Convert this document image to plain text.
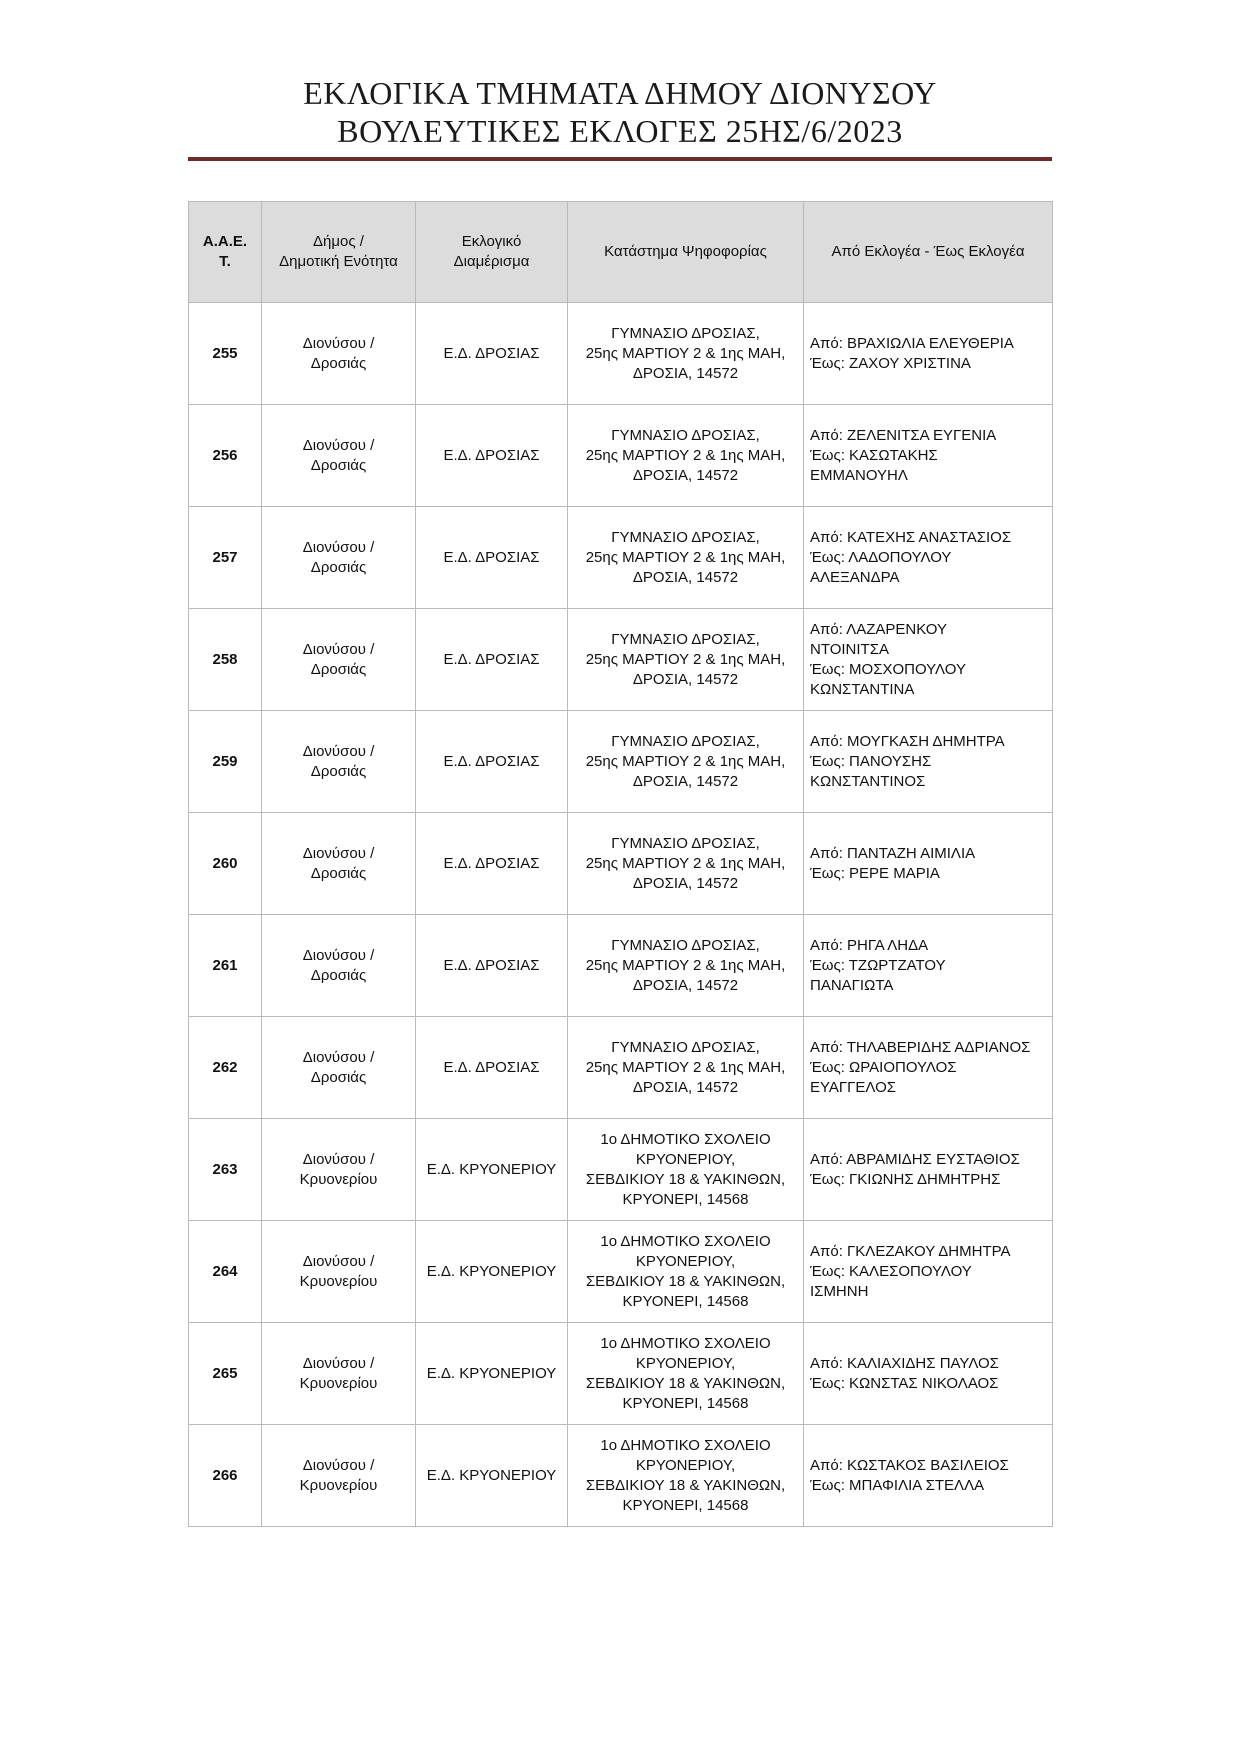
ΕΚΛΟΓΙΚΑ ΤΜΗΜΑΤΑ ΔΗΜΟΥ ΔΙΟΝΥΣΟΥ
ΒΟΥΛΕΥΤΙΚΕΣ ΕΚΛΟΓΕΣ 25ΗΣ/6/2023
Α.Α.Ε.
Τ.	Δήμος /
Δημοτική Ενότητα	Εκλογικό
Διαμέρισμα	Κατάστημα Ψηφοφορίας	Από Εκλογέα - Έως Εκλογέα
255	Διονύσου /
Δροσιάς	Ε.Δ. ΔΡΟΣΙΑΣ	ΓΥΜΝΑΣΙΟ ΔΡΟΣΙΑΣ,
25ης ΜΑΡΤΙΟΥ 2 & 1ης ΜΑΗ,
ΔΡΟΣΙΑ, 14572	Από: ΒΡΑΧΙΩΛΙΑ ΕΛΕΥΘΕΡΙΑ
Έως: ΖΑΧΟΥ ΧΡΙΣΤΙΝΑ
256	Διονύσου /
Δροσιάς	Ε.Δ. ΔΡΟΣΙΑΣ	ΓΥΜΝΑΣΙΟ ΔΡΟΣΙΑΣ,
25ης ΜΑΡΤΙΟΥ 2 & 1ης ΜΑΗ,
ΔΡΟΣΙΑ, 14572	Από: ΖΕΛΕΝΙΤΣΑ ΕΥΓΕΝΙΑ
Έως: ΚΑΣΩΤΑΚΗΣ
ΕΜΜΑΝΟΥΗΛ
257	Διονύσου /
Δροσιάς	Ε.Δ. ΔΡΟΣΙΑΣ	ΓΥΜΝΑΣΙΟ ΔΡΟΣΙΑΣ,
25ης ΜΑΡΤΙΟΥ 2 & 1ης ΜΑΗ,
ΔΡΟΣΙΑ, 14572	Από: ΚΑΤΕΧΗΣ ΑΝΑΣΤΑΣΙΟΣ
Έως: ΛΑΔΟΠΟΥΛΟΥ
ΑΛΕΞΑΝΔΡΑ
258	Διονύσου /
Δροσιάς	Ε.Δ. ΔΡΟΣΙΑΣ	ΓΥΜΝΑΣΙΟ ΔΡΟΣΙΑΣ,
25ης ΜΑΡΤΙΟΥ 2 & 1ης ΜΑΗ,
ΔΡΟΣΙΑ, 14572	Από: ΛΑΖΑΡΕΝΚΟΥ
ΝΤΟΙΝΙΤΣΑ
Έως: ΜΟΣΧΟΠΟΥΛΟΥ
ΚΩΝΣΤΑΝΤΙΝΑ
259	Διονύσου /
Δροσιάς	Ε.Δ. ΔΡΟΣΙΑΣ	ΓΥΜΝΑΣΙΟ ΔΡΟΣΙΑΣ,
25ης ΜΑΡΤΙΟΥ 2 & 1ης ΜΑΗ,
ΔΡΟΣΙΑ, 14572	Από: ΜΟΥΓΚΑΣΗ ΔΗΜΗΤΡΑ
Έως: ΠΑΝΟΥΣΗΣ
ΚΩΝΣΤΑΝΤΙΝΟΣ
260	Διονύσου /
Δροσιάς	Ε.Δ. ΔΡΟΣΙΑΣ	ΓΥΜΝΑΣΙΟ ΔΡΟΣΙΑΣ,
25ης ΜΑΡΤΙΟΥ 2 & 1ης ΜΑΗ,
ΔΡΟΣΙΑ, 14572	Από: ΠΑΝΤΑΖΗ ΑΙΜΙΛΙΑ
Έως: ΡΕΡΕ ΜΑΡΙΑ
261	Διονύσου /
Δροσιάς	Ε.Δ. ΔΡΟΣΙΑΣ	ΓΥΜΝΑΣΙΟ ΔΡΟΣΙΑΣ,
25ης ΜΑΡΤΙΟΥ 2 & 1ης ΜΑΗ,
ΔΡΟΣΙΑ, 14572	Από: ΡΗΓΑ ΛΗΔΑ
Έως: ΤΖΩΡΤΖΑΤΟΥ
ΠΑΝΑΓΙΩΤΑ
262	Διονύσου /
Δροσιάς	Ε.Δ. ΔΡΟΣΙΑΣ	ΓΥΜΝΑΣΙΟ ΔΡΟΣΙΑΣ,
25ης ΜΑΡΤΙΟΥ 2 & 1ης ΜΑΗ,
ΔΡΟΣΙΑ, 14572	Από: ΤΗΛΑΒΕΡΙΔΗΣ ΑΔΡΙΑΝΟΣ
Έως: ΩΡΑΙΟΠΟΥΛΟΣ
ΕΥΑΓΓΕΛΟΣ
263	Διονύσου /
Κρυονερίου	Ε.Δ. ΚΡΥΟΝΕΡΙΟΥ	1ο ΔΗΜΟΤΙΚΟ ΣΧΟΛΕΙΟ
ΚΡΥΟΝΕΡΙΟΥ,
ΣΕΒΔΙΚΙΟΥ 18 & ΥΑΚΙΝΘΩΝ,
ΚΡΥΟΝΕΡΙ, 14568	Από: ΑΒΡΑΜΙΔΗΣ ΕΥΣΤΑΘΙΟΣ
Έως: ΓΚΙΩΝΗΣ ΔΗΜΗΤΡΗΣ
264	Διονύσου /
Κρυονερίου	Ε.Δ. ΚΡΥΟΝΕΡΙΟΥ	1ο ΔΗΜΟΤΙΚΟ ΣΧΟΛΕΙΟ
ΚΡΥΟΝΕΡΙΟΥ,
ΣΕΒΔΙΚΙΟΥ 18 & ΥΑΚΙΝΘΩΝ,
ΚΡΥΟΝΕΡΙ, 14568	Από: ΓΚΛΕΖΑΚΟΥ ΔΗΜΗΤΡΑ
Έως: ΚΑΛΕΣΟΠΟΥΛΟΥ
ΙΣΜΗΝΗ
265	Διονύσου /
Κρυονερίου	Ε.Δ. ΚΡΥΟΝΕΡΙΟΥ	1ο ΔΗΜΟΤΙΚΟ ΣΧΟΛΕΙΟ
ΚΡΥΟΝΕΡΙΟΥ,
ΣΕΒΔΙΚΙΟΥ 18 & ΥΑΚΙΝΘΩΝ,
ΚΡΥΟΝΕΡΙ, 14568	Από: ΚΑΛΙΑΧΙΔΗΣ ΠΑΥΛΟΣ
Έως: ΚΩΝΣΤΑΣ ΝΙΚΟΛΑΟΣ
266	Διονύσου /
Κρυονερίου	Ε.Δ. ΚΡΥΟΝΕΡΙΟΥ	1ο ΔΗΜΟΤΙΚΟ ΣΧΟΛΕΙΟ
ΚΡΥΟΝΕΡΙΟΥ,
ΣΕΒΔΙΚΙΟΥ 18 & ΥΑΚΙΝΘΩΝ,
ΚΡΥΟΝΕΡΙ, 14568	Από: ΚΩΣΤΑΚΟΣ ΒΑΣΙΛΕΙΟΣ
Έως: ΜΠΑΦΙΛΙΑ ΣΤΕΛΛΑ
